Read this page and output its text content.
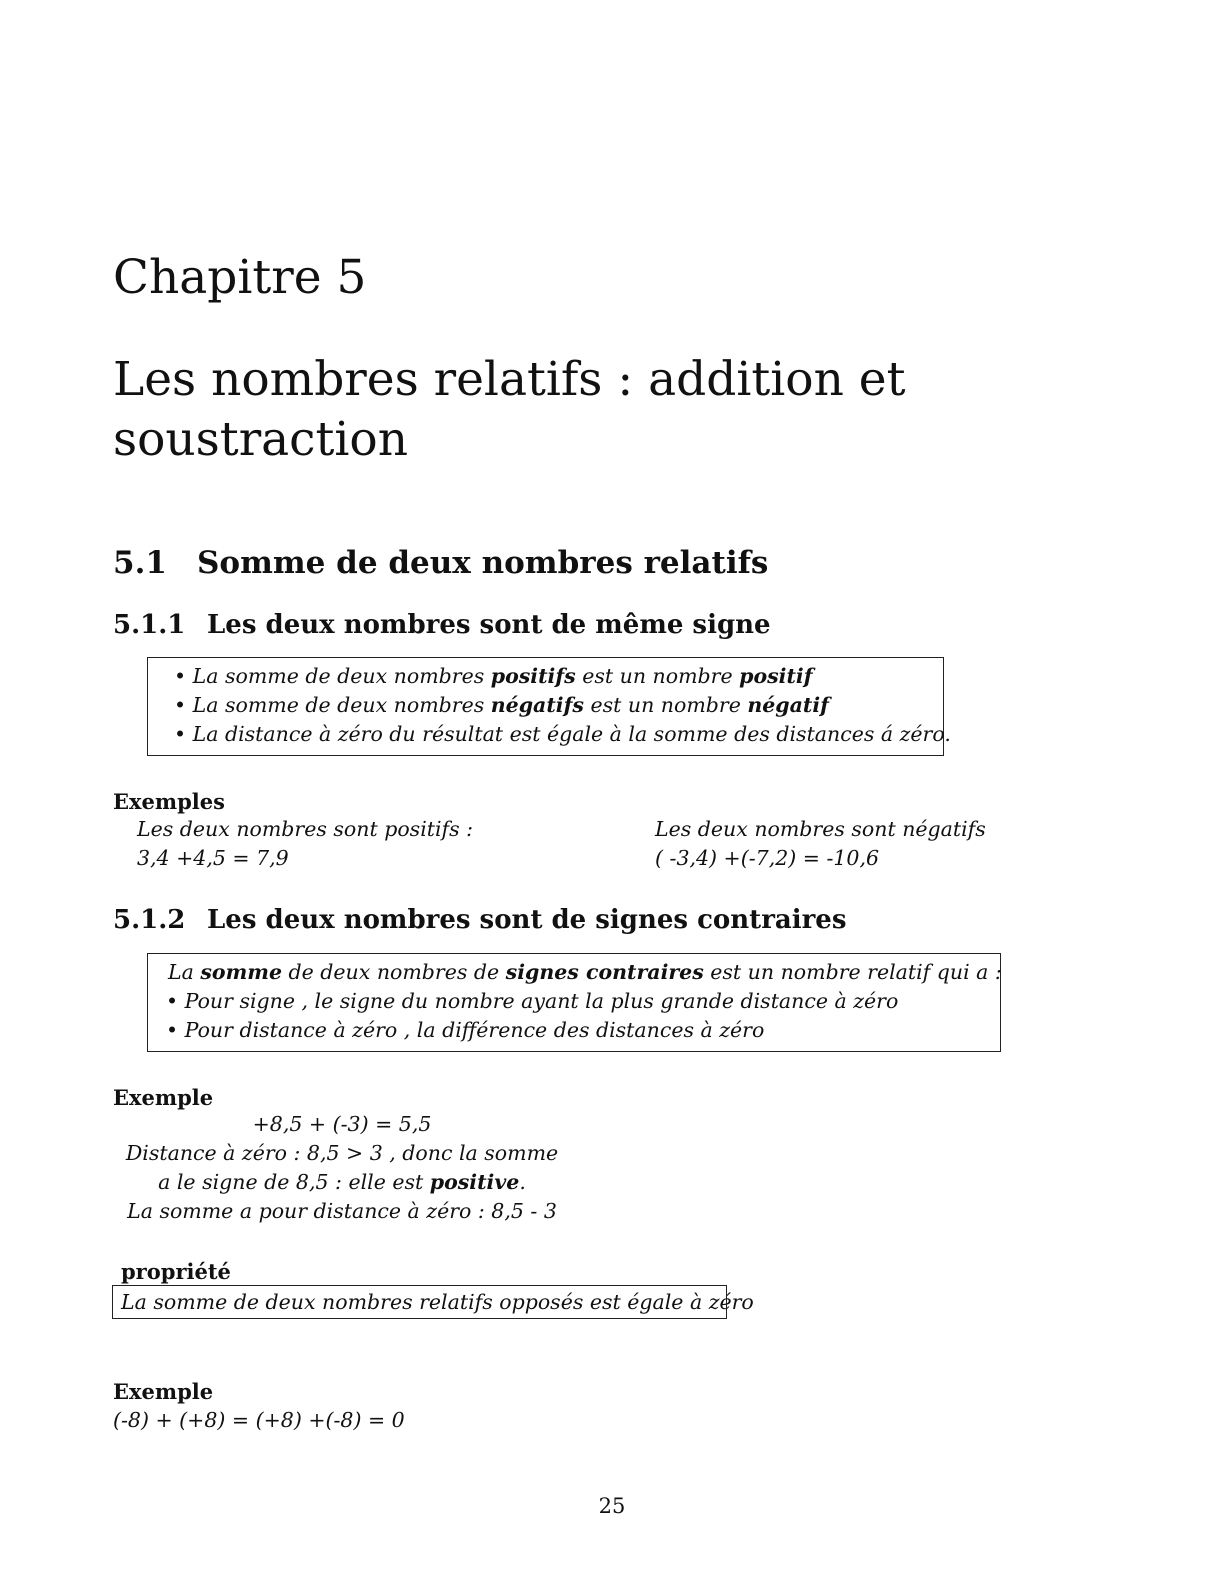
Chapitre 5
Les nombres relatifs : addition et soustraction
5.1 Somme de deux nombres relatifs
5.1.1 Les deux nombres sont de même signe
• La somme de deux nombres positifs est un nombre positif
• La somme de deux nombres négatifs est un nombre négatif
• La distance à zéro du résultat est égale à la somme des distances á zéro.
Exemples
Les deux nombres sont positifs :
3,4 +4,5 = 7,9
Les deux nombres sont négatifs
( -3,4) +(-7,2) = -10,6
5.1.2 Les deux nombres sont de signes contraires
La somme de deux nombres de signes contraires est un nombre relatif qui a :
• Pour signe , le signe du nombre ayant la plus grande distance à zéro
• Pour distance à zéro , la différence des distances à zéro
Exemple
+8,5 + (-3) = 5,5
Distance à zéro : 8,5 > 3 , donc la somme
a le signe de 8,5 : elle est positive.
La somme a pour distance à zéro : 8,5 - 3
propriété
La somme de deux nombres relatifs opposés est égale à zéro
Exemple
(-8) + (+8) = (+8) +(-8) = 0
25
